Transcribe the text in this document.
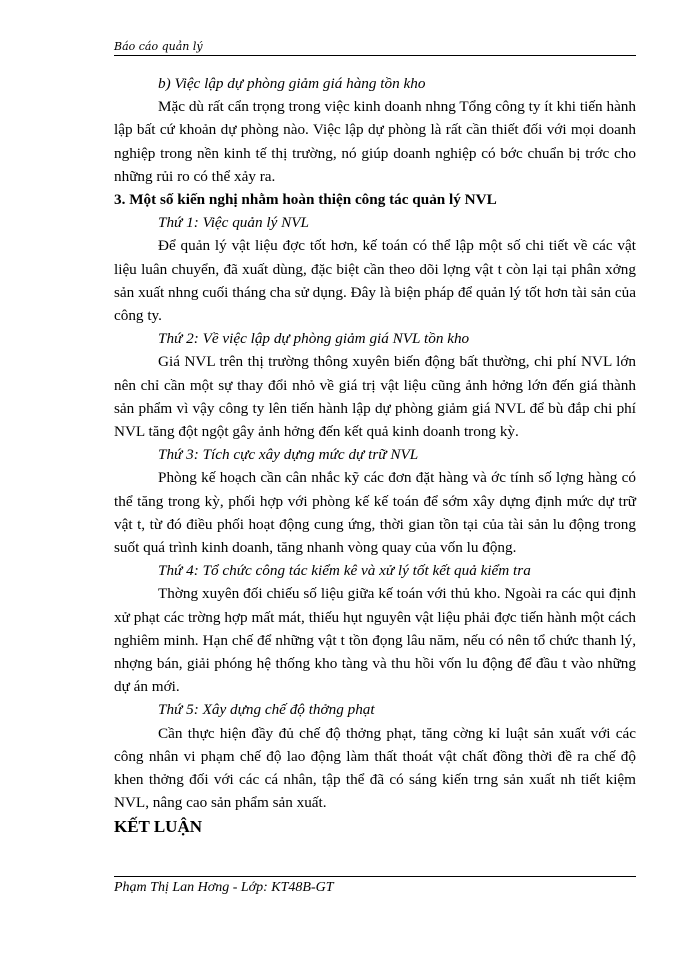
Báo cáo quản lý

b) Việc lập dự phòng giảm giá hàng tồn kho

Mặc dù rất cẩn trọng trong việc kinh doanh nhng Tổng công ty ít khi tiến hành lập bất cứ khoản dự phòng nào. Việc lập dự phòng là rất cần thiết đối với mọi doanh nghiệp trong nền kinh tế thị trường, nó giúp doanh nghiệp có bớc chuẩn bị trớc cho những rủi ro có thể xảy ra.

3. Một số kiến nghị nhằm hoàn thiện công tác quản lý NVL

Thứ 1: Việc quản lý NVL

Để quản lý vật liệu đợc tốt hơn, kế toán có thể lập một số chi tiết về các vật liệu luân chuyển, đã xuất dùng, đặc biệt cần theo dõi lợng vật t còn lại tại phân xởng sản xuất nhng cuối tháng cha sử dụng. Đây là biện pháp để quản lý tốt hơn tài sản của công ty.

Thứ 2: Về việc lập dự phòng giảm giá NVL tồn kho

Giá NVL trên thị trường thông xuyên biến động bất thường, chi phí NVL lớn nên chỉ cần một sự thay đổi nhỏ về giá trị vật liệu cũng ảnh hởng lớn đến giá thành sản phẩm vì vậy công ty lên tiến hành lập dự phòng giảm giá NVL để bù đắp chi phí NVL tăng đột ngột gây ảnh hởng đến kết quả kinh doanh trong kỳ.

Thứ 3: Tích cực xây dựng mức dự trữ NVL

Phòng kế hoạch cần cân nhắc kỹ các đơn đặt hàng và ớc tính số lợng hàng có thể tăng trong kỳ, phối hợp với phòng kế kế toán để sớm xây dựng định mức dự trữ vật t, từ đó điều phối hoạt động cung ứng, thời gian tồn tại của tài sản lu động trong suốt quá trình kinh doanh, tăng nhanh vòng quay của vốn lu động.

Thứ 4: Tổ chức công tác kiểm kê và xử lý tốt kết quả kiểm tra

Thờng xuyên đối chiếu số liệu giữa kế toán với thủ kho. Ngoài ra các qui định xử phạt các trờng hợp mất mát, thiếu hụt nguyên vật liệu phải đợc tiến hành một cách nghiêm minh. Hạn chế để những vật t tồn đọng lâu năm, nếu có nên tổ chức thanh lý, nhợng bán, giải phóng hệ thống kho tàng và thu hồi vốn lu động để đầu t vào những dự án mới.

Thứ 5: Xây dựng chế độ thởng phạt

Cần thực hiện đầy đủ chế độ thởng phạt, tăng cờng kỉ luật sản xuất với các công nhân vi phạm chế độ lao động làm thất thoát vật chất đồng thời đề ra chế độ khen thởng đối với các cá nhân, tập thể đã có sáng kiến trng sản xuất nh tiết kiệm NVL, nâng cao sản phẩm sản xuất.

KẾT LUẬN

Phạm Thị Lan Hơng - Lớp: KT48B-GT
